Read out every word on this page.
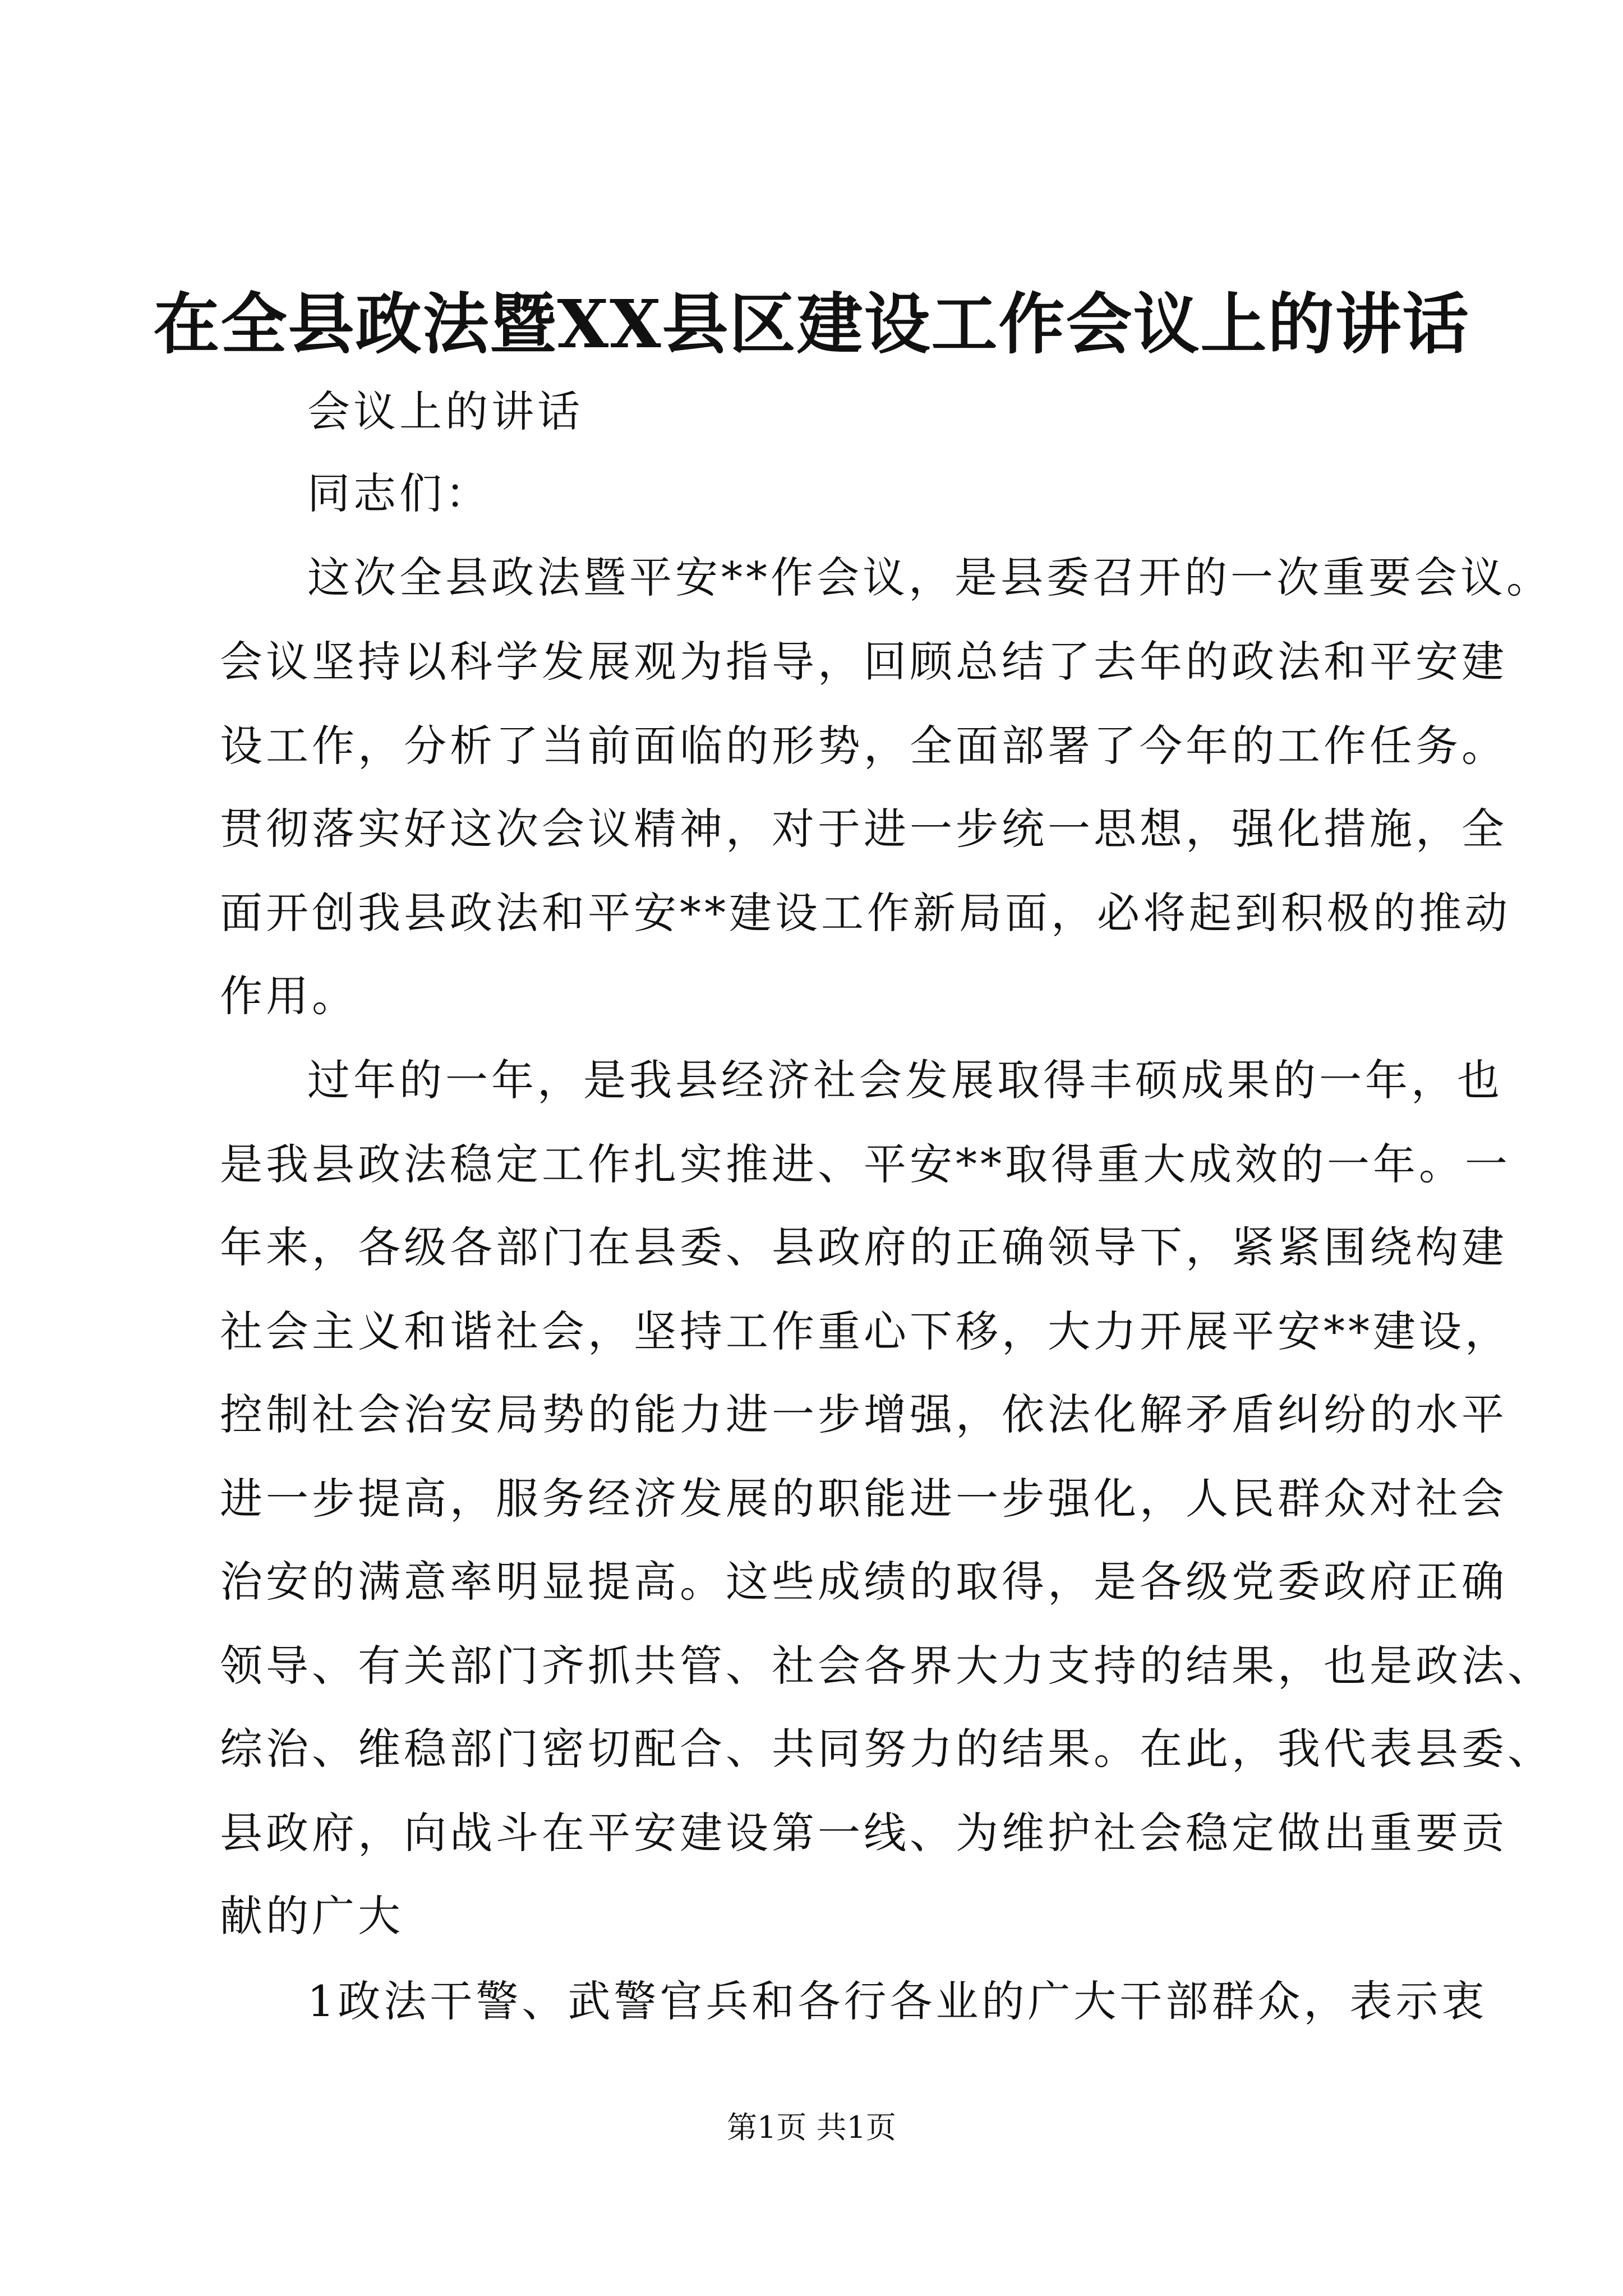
在全县政法暨XX县区建设工作会议上的讲话
会议上的讲话
同志们：
这次全县政法暨平安**作会议，是县委召开的一次重要会议。
会议坚持以科学发展观为指导，回顾总结了去年的政法和平安建
设工作，分析了当前面临的形势，全面部署了今年的工作任务。
贯彻落实好这次会议精神，对于进一步统一思想，强化措施，全
面开创我县政法和平安**建设工作新局面，必将起到积极的推动
作用。
过年的一年，是我县经济社会发展取得丰硕成果的一年，也
是我县政法稳定工作扎实推进、平安**取得重大成效的一年。一
年来，各级各部门在县委、县政府的正确领导下，紧紧围绕构建
社会主义和谐社会，坚持工作重心下移，大力开展平安**建设，
控制社会治安局势的能力进一步增强，依法化解矛盾纠纷的水平
进一步提高，服务经济发展的职能进一步强化，人民群众对社会
治安的满意率明显提高。这些成绩的取得，是各级党委政府正确
领导、有关部门齐抓共管、社会各界大力支持的结果，也是政法、
综治、维稳部门密切配合、共同努力的结果。在此，我代表县委、
县政府，向战斗在平安建设第一线、为维护社会稳定做出重要贡
献的广大
1政法干警、武警官兵和各行各业的广大干部群众，表示衷
第1页 共1页
